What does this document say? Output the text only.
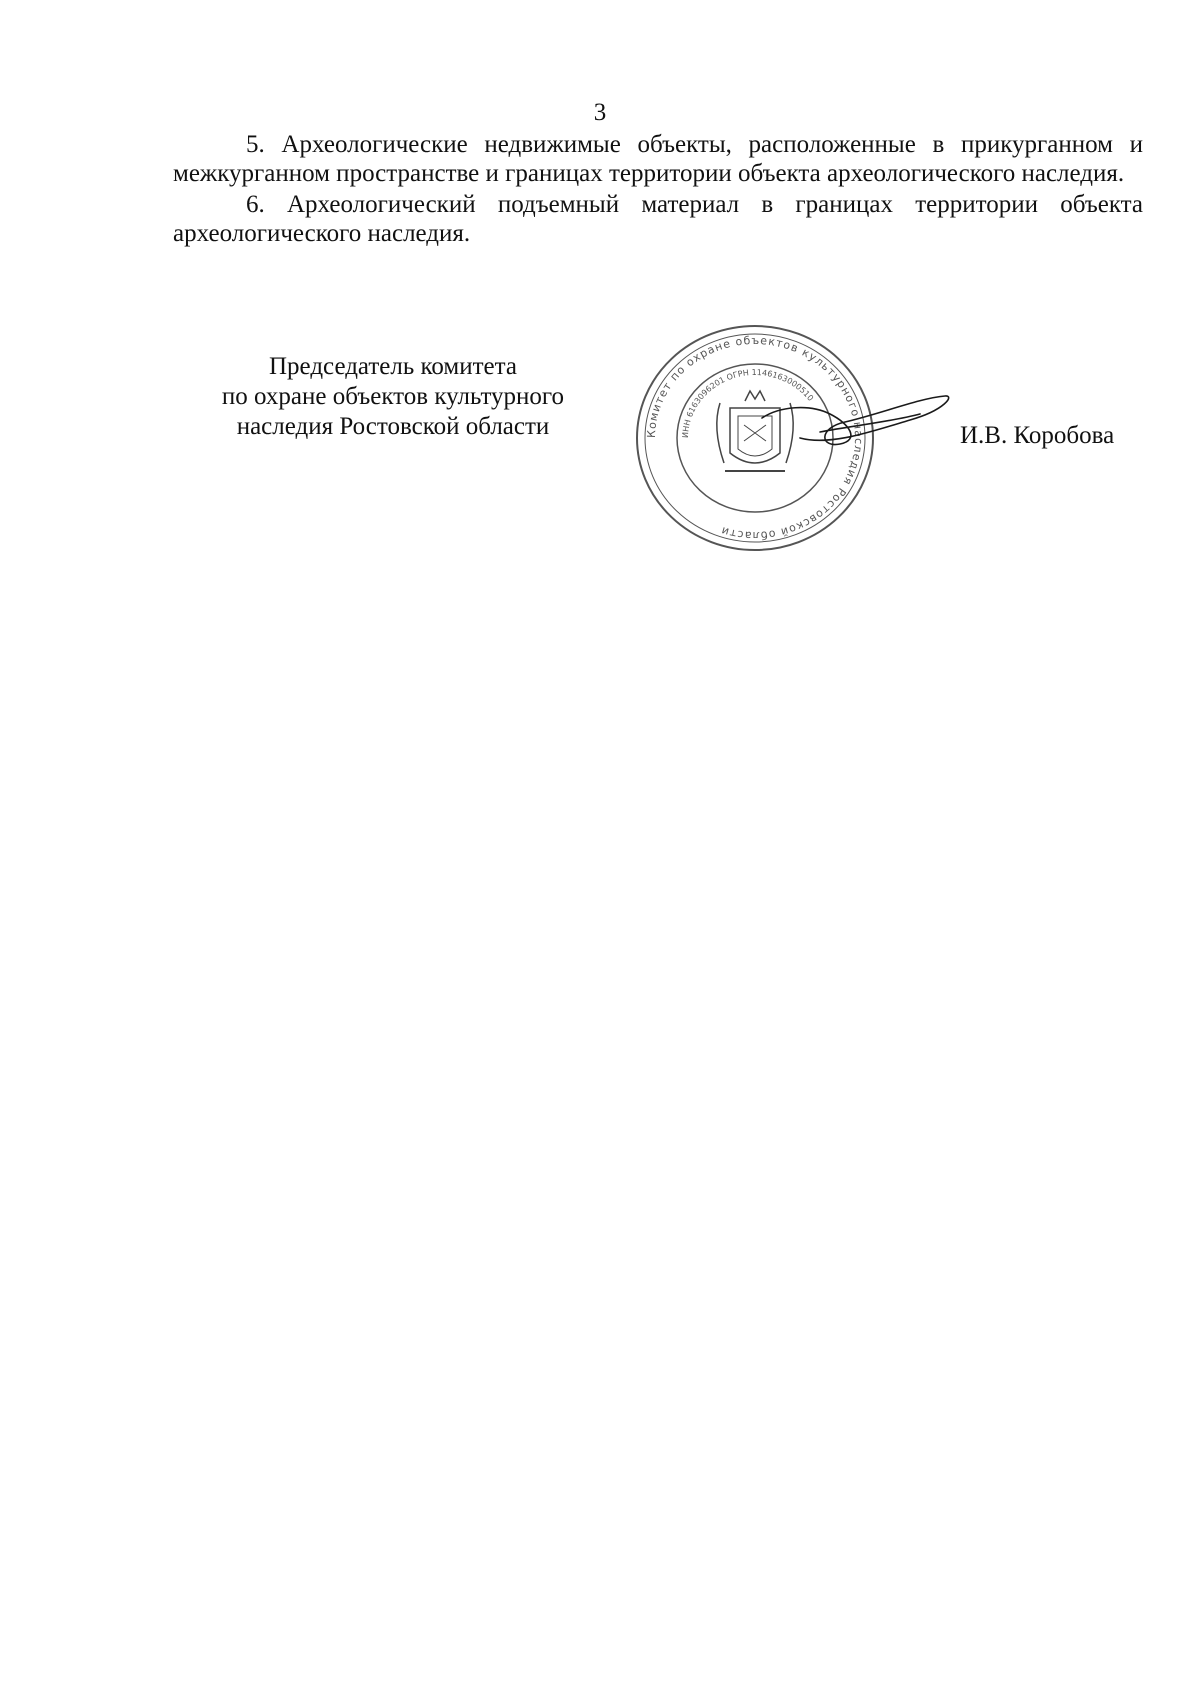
3

5. Археологические недвижимые объекты, расположенные в прикурганном и межкурганном пространстве и границах территории объекта археологического наследия.

6. Археологический подъемный материал в границах территории объекта археологического наследия.

Председатель комитета
по охране объектов культурного
наследия Ростовской области	Комитет по охране объектов культурного наследия Ростовской области
ИНН 6163096201 ОГРН 1146163000510
И.В. Коробова
